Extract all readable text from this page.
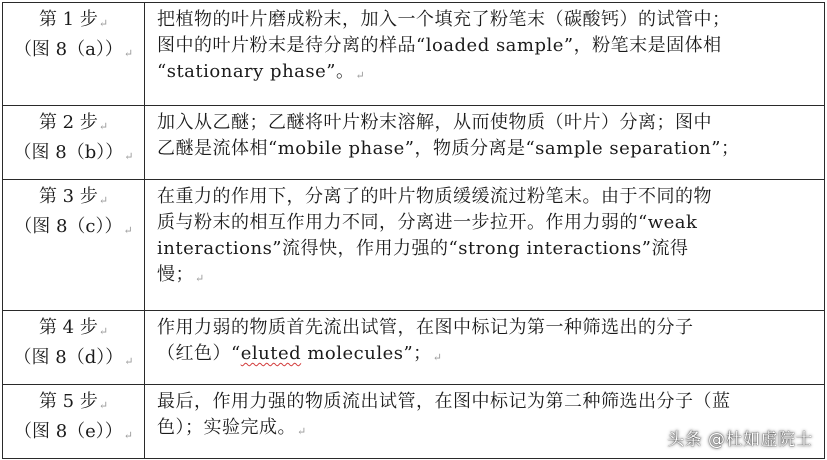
第 1 步↵
（图 8（a））↵	把植物的叶片磨成粉末，加入一个填充了粉笔末（碳酸钙）的试管中；
图中的叶片粉末是待分离的样品“loaded sample”，粉笔末是固体相
“stationary phase”。↵

第 2 步↵
（图 8（b））↵	加入从乙醚；乙醚将叶片粉末溶解，从而使物质（叶片）分离；图中
乙醚是流体相“mobile phase”，物质分离是“sample separation”；

第 3 步↵
（图 8（c））↵	在重力的作用下，分离了的叶片物质缓缓流过粉笔末。由于不同的物
质与粉末的相互作用力不同，分离进一步拉开。作用力弱的“weak
interactions”流得快，作用力强的“strong interactions”流得
慢；↵

第 4 步↵
（图 8（d））↵	作用力弱的物质首先流出试管，在图中标记为第一种筛选出的分子
（红色）“eluted molecules”；↵

第 5 步↵
（图 8（e））↵	最后，作用力强的物质流出试管，在图中标记为第二种筛选出分子（蓝
色）；实验完成。↵	头条 @杜如虚院士
